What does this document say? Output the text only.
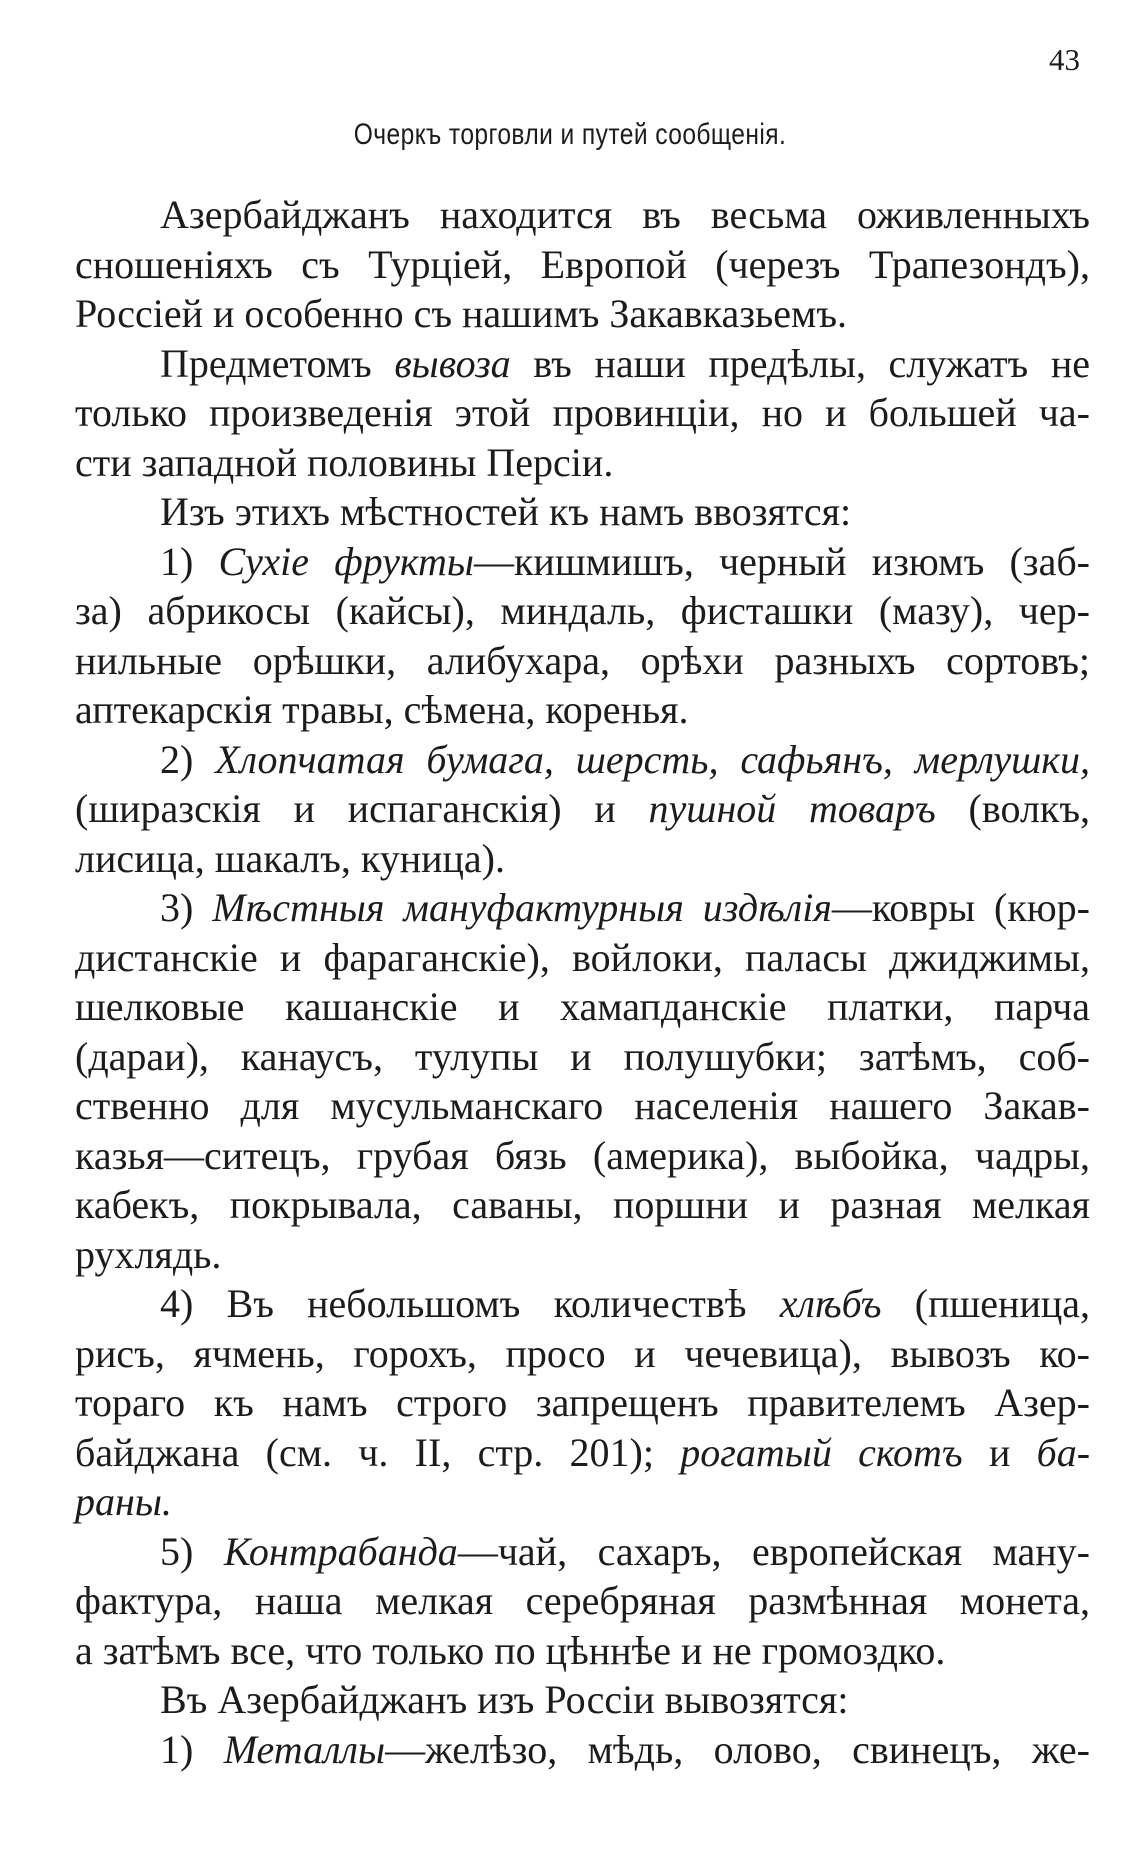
43
Очеркъ торговли и путей сообщенія.
Азербайджанъ находится въ весьма оживленныхъ
сношеніяхъ съ Турціей, Европой (черезъ Трапезондъ),
Россіей и особенно съ нашимъ Закавказьемъ.
Предметомъ вывоза въ наши предѣлы, служатъ не
только произведенія этой провинціи, но и большей ча-
сти западной половины Персіи.
Изъ этихъ мѣстностей къ намъ ввозятся:
1) Сухіе фрукты—кишмишъ, черный изюмъ (заб-
за) абрикосы (кайсы), миндаль, фисташки (мазу), чер-
нильные орѣшки, алибухара, орѣхи разныхъ сортовъ;
аптекарскія травы, сѣмена, коренья.
2) Хлопчатая бумага, шерсть, сафьянъ, мерлушки,
(ширазскія и испаганскія) и пушной товаръ (волкъ,
лисица, шакалъ, куница).
3) Мѣстныя мануфактурныя издѣлія—ковры (кюр-
дистанскіе и фараганскіе), войлоки, паласы джиджимы,
шелковые кашанскіе и хамапданскіе платки, парча
(дараи), канаусъ, тулупы и полушубки; затѣмъ, соб-
ственно для мусульманскаго населенія нашего Закав-
казья—ситецъ, грубая бязь (америка), выбойка, чадры,
кабекъ, покрывала, саваны, поршни и разная мелкая
рухлядь.
4) Въ небольшомъ количествѣ хлѣбъ (пшеница,
рисъ, ячмень, горохъ, просо и чечевица), вывозъ ко-
тораго къ намъ строго запрещенъ правителемъ Азер-
байджана (см. ч. II, стр. 201); рогатый скотъ и ба-
раны.
5) Контрабанда—чай, сахаръ, европейская ману-
фактура, наша мелкая серебряная размѣнная монета,
а затѣмъ все, что только по цѣннѣе и не громоздко.
Въ Азербайджанъ изъ Россіи вывозятся:
1) Металлы—желѣзо, мѣдь, олово, свинецъ, же-
